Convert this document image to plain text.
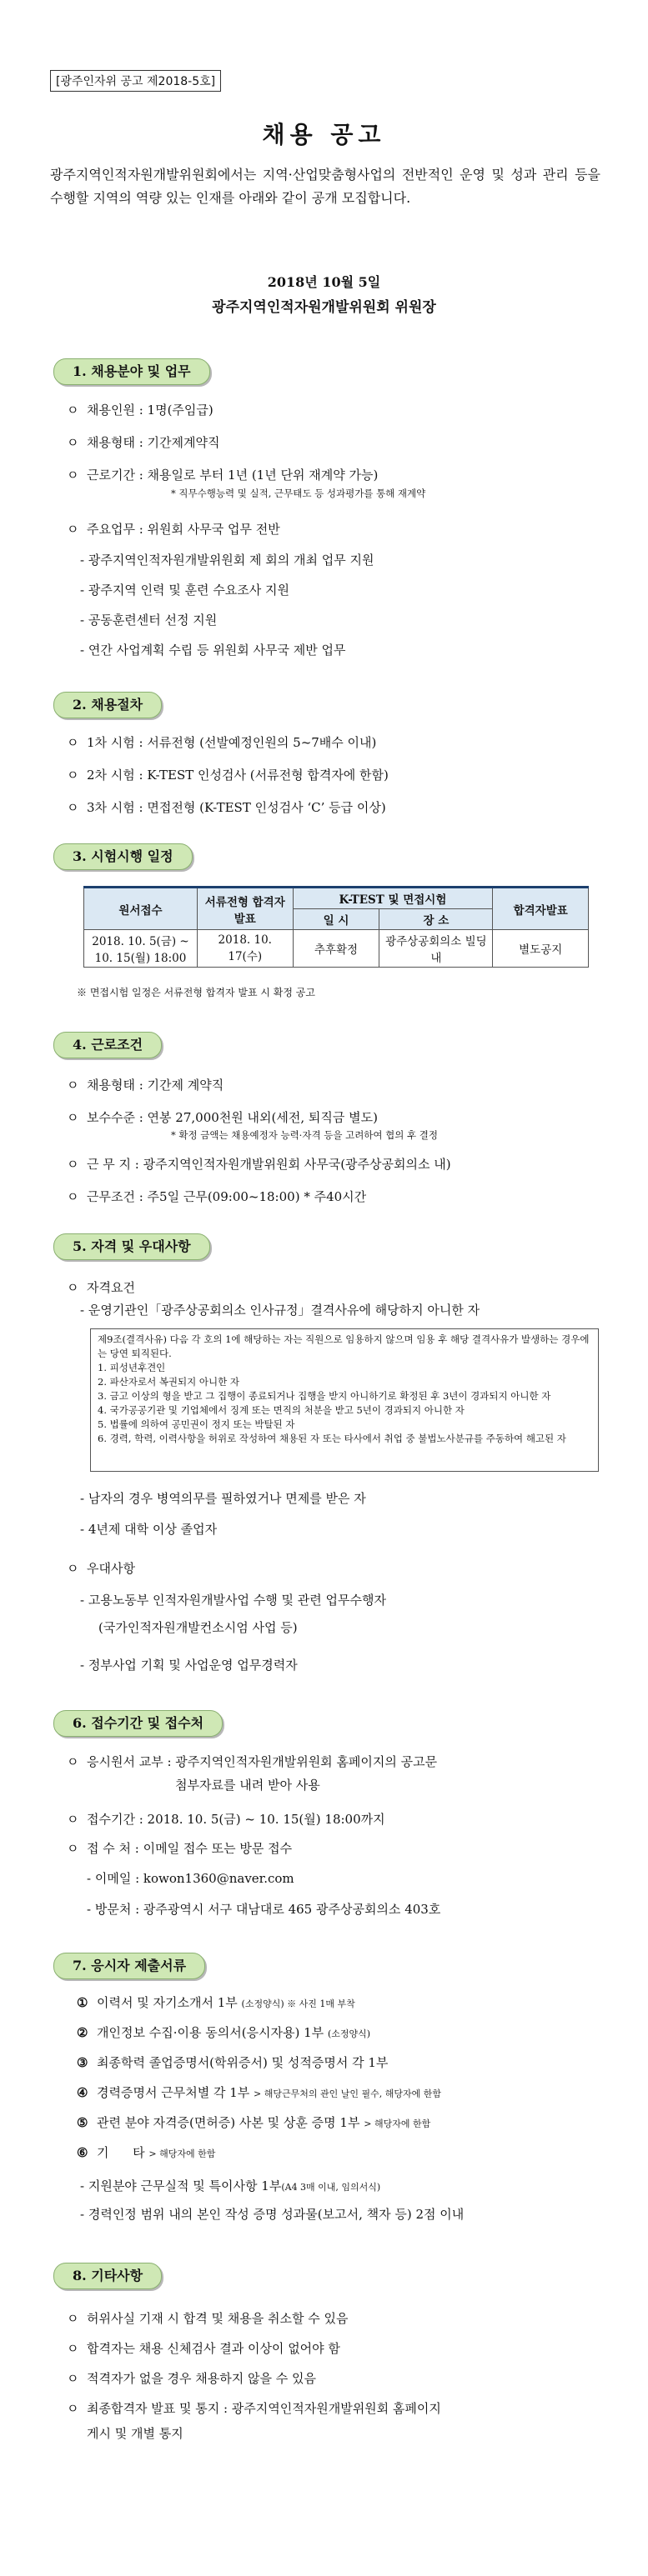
[광주인자위 공고 제2018-5호]
채용 공고
광주지역인적자원개발위원회에서는 지역·산업맞춤형사업의 전반적인 운영 및 성과 관리 등을 수행할 지역의 역량 있는 인재를 아래와 같이 공개 모집합니다.
2018년 10월 5일
광주지역인적자원개발위원회 위원장
1. 채용분야 및 업무
ㅇ 채용인원 : 1명(주임급)
ㅇ 채용형태 : 기간제계약직
ㅇ 근로기간 : 채용일로 부터 1년 (1년 단위 재계약 가능)
* 직무수행능력 및 실적, 근무태도 등 성과평가를 통해 재계약
ㅇ 주요업무 : 위원회 사무국 업무 전반
- 광주지역인적자원개발위원회 제 회의 개최 업무 지원
- 광주지역 인력 및 훈련 수요조사 지원
- 공동훈련센터 선정 지원
- 연간 사업계획 수립 등 위원회 사무국 제반 업무
2. 채용절차
ㅇ 1차 시험 : 서류전형 (선발예정인원의 5~7배수 이내)
ㅇ 2차 시험 : K-TEST 인성검사 (서류전형 합격자에 한함)
ㅇ 3차 시험 : 면접전형 (K-TEST 인성검사 ‘C’ 등급 이상)
3. 시험시행 일정
원서접수	서류전형 합격자발표	K-TEST 및 면접시험		합격자발표
		일 시	장 소	
2018. 10. 5(금) ~ 10. 15(월) 18:00	2018. 10. 17(수)	추후확정	광주상공회의소 빌딩 내	별도공지
※ 면접시험 일정은 서류전형 합격자 발표 시 확정 공고
4. 근로조건
ㅇ 채용형태 : 기간제 계약직
ㅇ 보수수준 : 연봉 27,000천원 내외(세전, 퇴직금 별도)
* 확정 금액는 채용예정자 능력·자격 등을 고려하여 협의 후 결정
ㅇ 근 무 지 : 광주지역인적자원개발위원회 사무국(광주상공회의소 내)
ㅇ 근무조건 : 주5일 근무(09:00~18:00) * 주40시간
5. 자격 및 우대사항
ㅇ 자격요건
- 운영기관인「광주상공회의소 인사규정」결격사유에 해당하지 아니한 자
제9조(결격사유) 다음 각 호의 1에 해당하는 자는 직원으로 임용하지 않으며 임용 후 해당 결격사유가 발생하는 경우에는 당연 퇴직된다.
1. 피성년후견인
2. 파산자로서 복권되지 아니한 자
3. 금고 이상의 형을 받고 그 집행이 종료되거나 집행을 받지 아니하기로 확정된 후 3년이 경과되지 아니한 자
4. 국가공공기관 및 기업체에서 징계 또는 면직의 처분을 받고 5년이 경과되지 아니한 자
5. 법률에 의하여 공민권이 정지 또는 박탈된 자
6. 경력, 학력, 이력사항을 허위로 작성하여 채용된 자 또는 타사에서 취업 중 불법노사분규를 주동하여 해고된 자
- 남자의 경우 병역의무를 필하였거나 면제를 받은 자
- 4년제 대학 이상 졸업자
ㅇ 우대사항
- 고용노동부 인적자원개발사업 수행 및 관련 업무수행자
(국가인적자원개발컨소시엄 사업 등)
- 정부사업 기획 및 사업운영 업무경력자
6. 접수기간 및 접수처
ㅇ 응시원서 교부 : 광주지역인적자원개발위원회 홈페이지의 공고문
첨부자료를 내려 받아 사용
ㅇ 접수기간 : 2018. 10. 5(금) ~ 10. 15(월) 18:00까지
ㅇ 접 수 처 : 이메일 접수 또는 방문 접수
- 이메일 : kowon1360@naver.com
- 방문처 : 광주광역시 서구 대남대로 465 광주상공회의소 403호
7. 응시자 제출서류
① 이력서 및 자기소개서 1부 (소정양식) ※ 사진 1매 부착
② 개인정보 수집·이용 동의서(응시자용) 1부 (소정양식)
③ 최종학력 졸업증명서(학위증서) 및 성적증명서 각 1부
④ 경력증명서 근무처별 각 1부 > 해당근무처의 관인 날인 필수, 해당자에 한함
⑤ 관련 분야 자격증(면허증) 사본 및 상훈 증명 1부 > 해당자에 한함
⑥ 기      타 > 해당자에 한함
- 지원분야 근무실적 및 특이사항 1부(A4 3매 이내, 임의서식)
- 경력인정 범위 내의 본인 작성 증명 성과물(보고서, 책자 등) 2점 이내
8. 기타사항
ㅇ 허위사실 기재 시 합격 및 채용을 취소할 수 있음
ㅇ 합격자는 채용 신체검사 결과 이상이 없어야 함
ㅇ 적격자가 없을 경우 채용하지 않을 수 있음
ㅇ 최종합격자 발표 및 통지 : 광주지역인적자원개발위원회 홈페이지
게시 및 개별 통지
